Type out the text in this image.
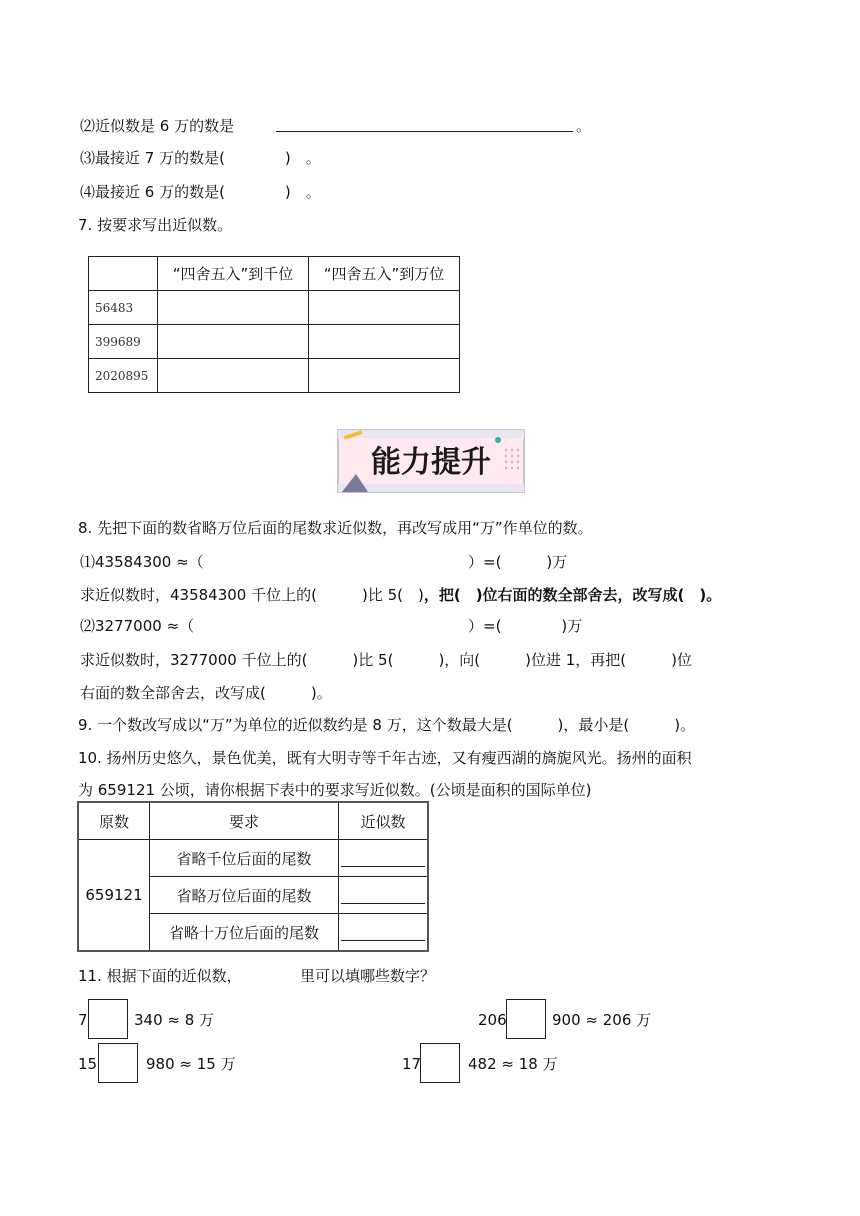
⑵近似数是 6 万的数是	。
⑶最接近 7 万的数是(　　　　)　。
⑷最接近 6 万的数是(　　　　)　。
7. 按要求写出近似数。
	“四舍五入”到千位	“四舍五入”到万位
56483		
399689		
2020895		
能力提升
8. 先把下面的数省略万位后面的尾数求近似数，再改写成用“万”作单位的数。
⑴43584300 ≈（	）=(　　　)万
求近似数时，43584300 千位上的(　　　)比 5(　)，把(　)位右面的数全部舍去，改写成(　)。
⑵3277000 ≈（	）=(　　　　)万
求近似数时，3277000 千位上的(　　　)比 5(　　　)，向(　　　)位进 1，再把(　　　)位
右面的数全部舍去，改写成(　　　)。
9. 一个数改写成以“万”为单位的近似数约是 8 万，这个数最大是(　　　)，最小是(　　　)。
10. 扬州历史悠久，景色优美，既有大明寺等千年古迹，又有瘦西湖的旖旎风光。扬州的面积
为 659121 公顷，请你根据下表中的要求写近似数。(公顷是面积的国际单位)
原数	要求	近似数
659121	省略千位后面的尾数	
	省略万位后面的尾数	
	省略十万位后面的尾数	
11. 根据下面的近似数，	里可以填哪些数字？
7	340 ≈ 8 万	206	900 ≈ 206 万
15	980 ≈ 15 万	17	482 ≈ 18 万
